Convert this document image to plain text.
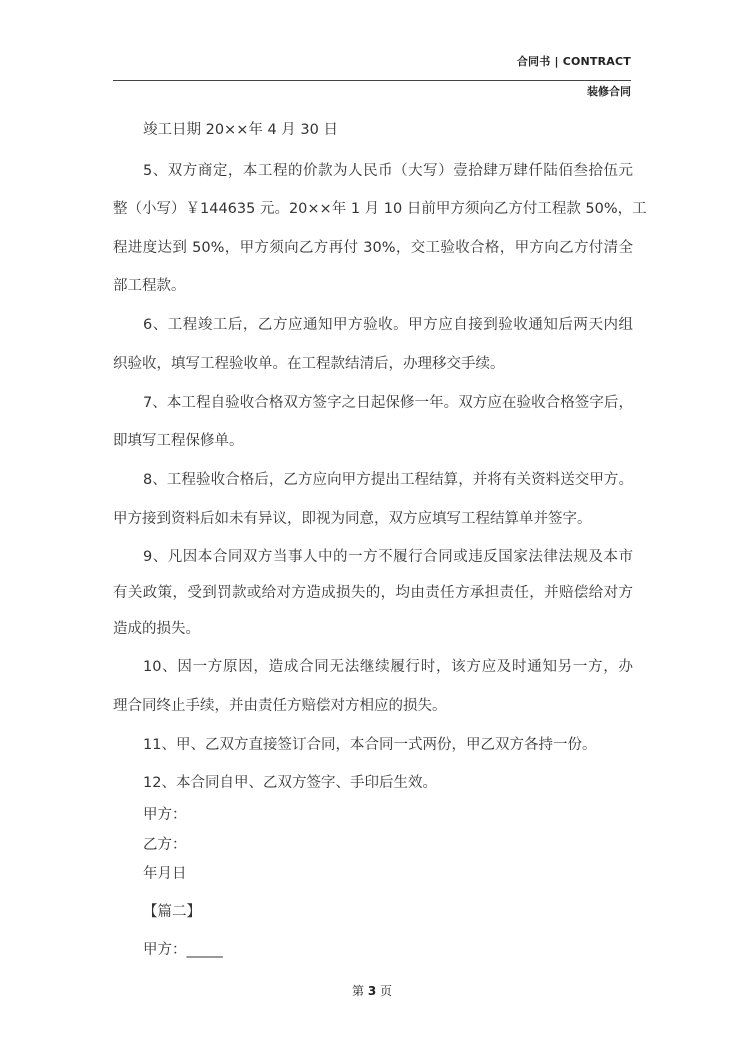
合同书 | CONTRACT
装修合同
竣工日期 20××年 4 月 30 日
5、双方商定，本工程的价款为人民币（大写）壹拾肆万肆仟陆佰叁拾伍元
整（小写）￥144635 元。20××年 1 月 10 日前甲方须向乙方付工程款 50%，工
程进度达到 50%，甲方须向乙方再付 30%，交工验收合格，甲方向乙方付清全
部工程款。
6、工程竣工后，乙方应通知甲方验收。甲方应自接到验收通知后两天内组
织验收，填写工程验收单。在工程款结清后，办理移交手续。
7、本工程自验收合格双方签字之日起保修一年。双方应在验收合格签字后，
即填写工程保修单。
8、工程验收合格后，乙方应向甲方提出工程结算，并将有关资料送交甲方。
甲方接到资料后如未有异议，即视为同意，双方应填写工程结算单并签字。
9、凡因本合同双方当事人中的一方不履行合同或违反国家法律法规及本市
有关政策，受到罚款或给对方造成损失的，均由责任方承担责任，并赔偿给对方
造成的损失。
10、因一方原因，造成合同无法继续履行时，该方应及时通知另一方，办
理合同终止手续，并由责任方赔偿对方相应的损失。
11、甲、乙双方直接签订合同，本合同一式两份，甲乙双方各持一份。
12、本合同自甲、乙双方签字、手印后生效。
甲方：
乙方：
年月日
【篇二】
甲方：_____
第 3 页
